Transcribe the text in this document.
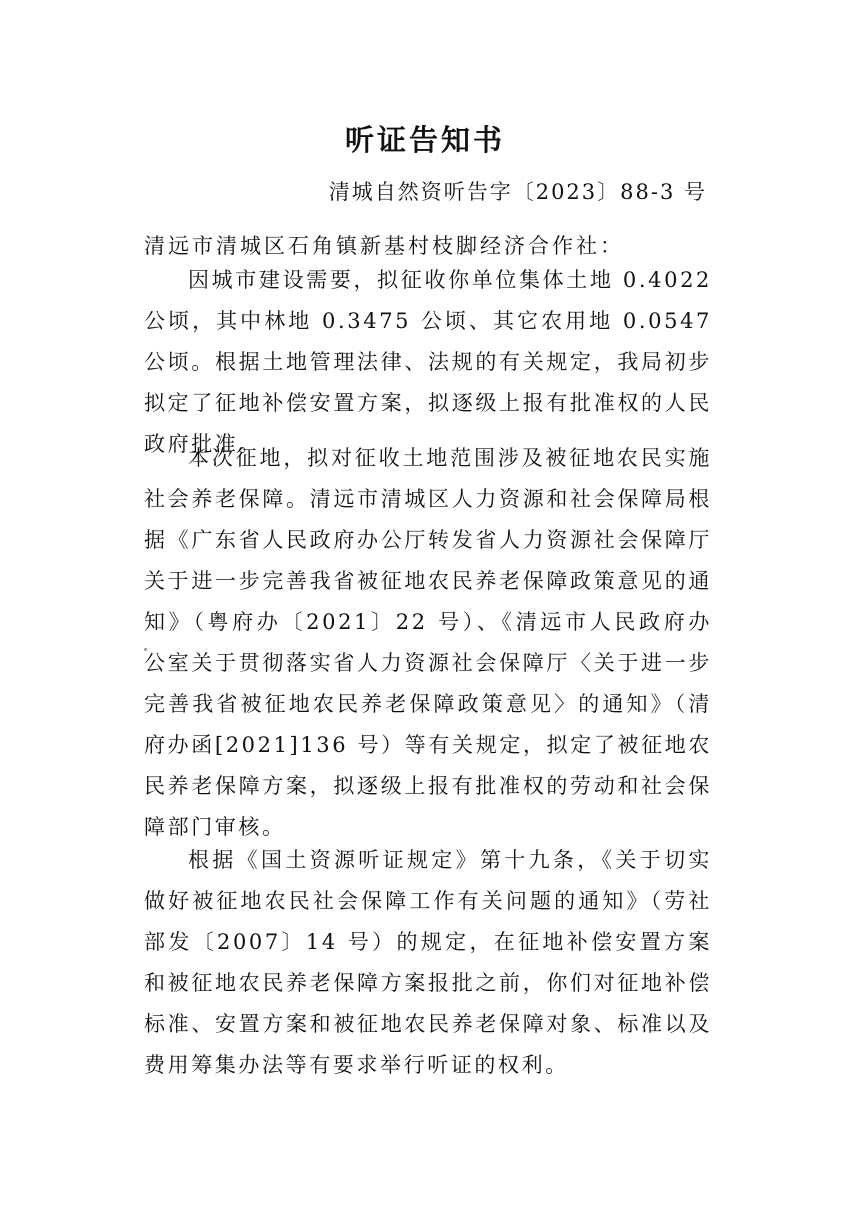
听证告知书
清城自然资听告字〔2023〕88-3 号
清远市清城区石角镇新基村枝脚经济合作社：
因城市建设需要，拟征收你单位集体土地 0.4022 公顷，其中林地 0.3475 公顷、其它农用地 0.0547 公顷。根据土地管理法律、法规的有关规定，我局初步拟定了征地补偿安置方案，拟逐级上报有批准权的人民政府批准。
本次征地，拟对征收土地范围涉及被征地农民实施社会养老保障。清远市清城区人力资源和社会保障局根据《广东省人民政府办公厅转发省人力资源社会保障厅关于进一步完善我省被征地农民养老保障政策意见的通知》（粤府办〔2021〕22 号）、《清远市人民政府办公室关于贯彻落实省人力资源社会保障厅〈关于进一步完善我省被征地农民养老保障政策意见〉的通知》（清府办函[2021]136 号）等有关规定，拟定了被征地农民养老保障方案，拟逐级上报有批准权的劳动和社会保障部门审核。
根据《国土资源听证规定》第十九条，《关于切实做好被征地农民社会保障工作有关问题的通知》（劳社部发〔2007〕14 号）的规定，在征地补偿安置方案和被征地农民养老保障方案报批之前，你们对征地补偿标准、安置方案和被征地农民养老保障对象、标准以及费用筹集办法等有要求举行听证的权利。
